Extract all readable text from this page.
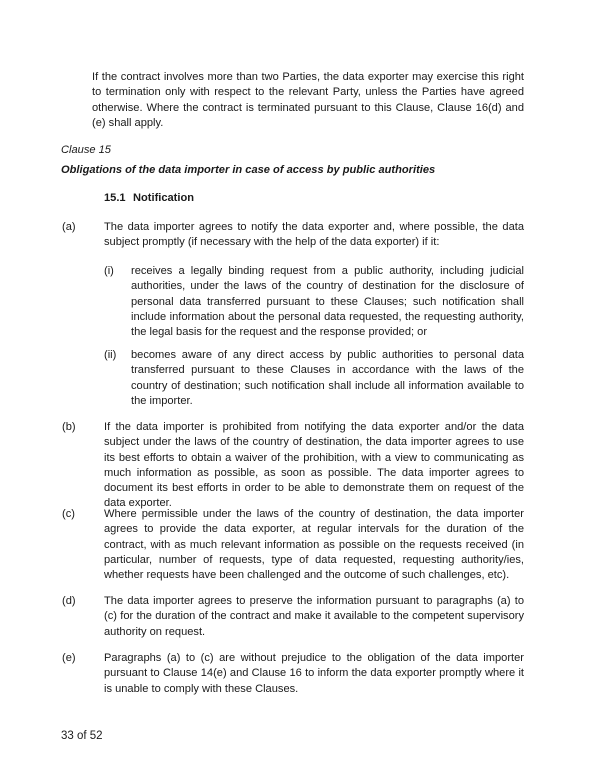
If the contract involves more than two Parties, the data exporter may exercise this right to termination only with respect to the relevant Party, unless the Parties have agreed otherwise. Where the contract is terminated pursuant to this Clause, Clause 16(d) and (e) shall apply.

Clause 15
Obligations of the data importer in case of access by public authorities
15.1 Notification
(a)	The data importer agrees to notify the data exporter and, where possible, the data subject promptly (if necessary with the help of the data exporter) if it:

(i) receives a legally binding request from a public authority, including judicial authorities, under the laws of the country of destination for the disclosure of personal data transferred pursuant to these Clauses; such notification shall include information about the personal data requested, the requesting authority, the legal basis for the request and the response provided; or

(ii) becomes aware of any direct access by public authorities to personal data transferred pursuant to these Clauses in accordance with the laws of the country of destination; such notification shall include all information available to the importer.

(b)	If the data importer is prohibited from notifying the data exporter and/or the data subject under the laws of the country of destination, the data importer agrees to use its best efforts to obtain a waiver of the prohibition, with a view to communicating as much information as possible, as soon as possible. The data importer agrees to document its best efforts in order to be able to demonstrate them on request of the data exporter.

(c)	Where permissible under the laws of the country of destination, the data importer agrees to provide the data exporter, at regular intervals for the duration of the contract, with as much relevant information as possible on the requests received (in particular, number of requests, type of data requested, requesting authority/ies, whether requests have been challenged and the outcome of such challenges, etc).

(d)	The data importer agrees to preserve the information pursuant to paragraphs (a) to (c) for the duration of the contract and make it available to the competent supervisory authority on request.

(e)	Paragraphs (a) to (c) are without prejudice to the obligation of the data importer pursuant to Clause 14(e) and Clause 16 to inform the data exporter promptly where it is unable to comply with these Clauses.

33 of 52
